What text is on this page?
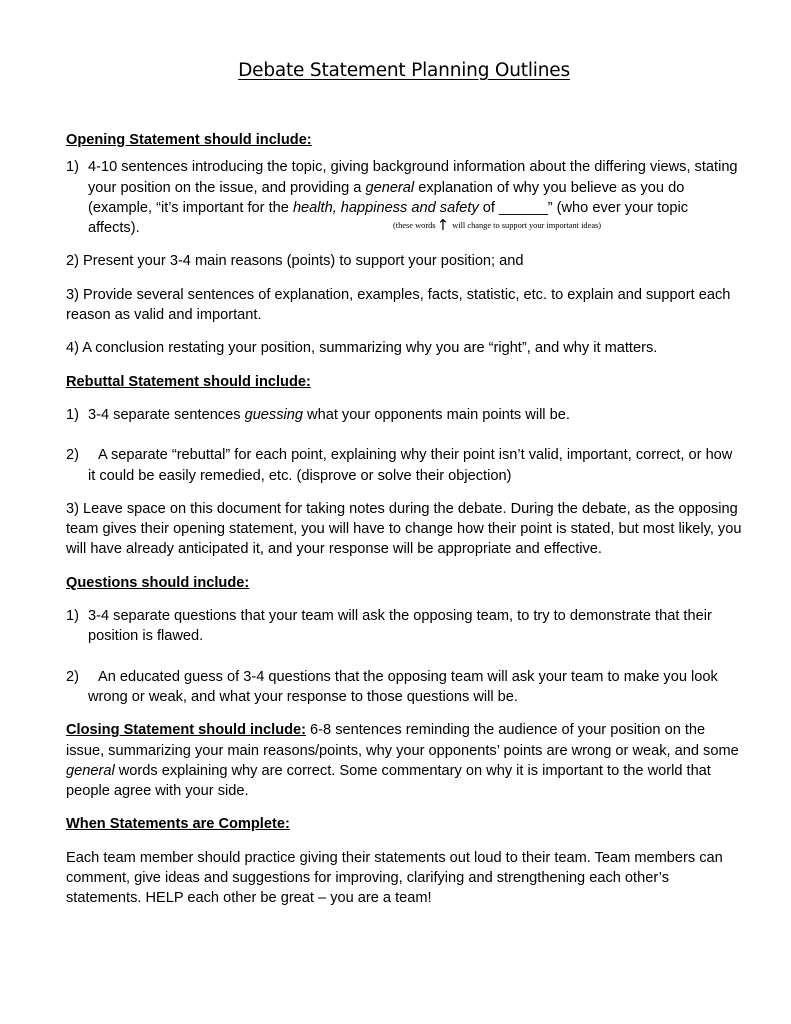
Debate Statement Planning Outlines
Opening Statement should include:
1) 4-10 sentences introducing the topic, giving background information about the differing views, stating your position on the issue, and providing a general explanation of why you believe as you do (example, “it’s important for the health, happiness and safety of ______” (who ever your topic affects).	(these words↑ will change to support your important ideas)

2) Present your 3-4 main reasons (points) to support your position; and

3) Provide several sentences of explanation, examples, facts, statistic, etc. to explain and support each reason as valid and important.

4) A conclusion restating your position, summarizing why you are “right”, and why it matters.

Rebuttal Statement should include:
1) 3-4 separate sentences guessing what your opponents main points will be.
2)	A separate “rebuttal” for each point, explaining why their point isn’t valid, important, correct, or how it could be easily remedied, etc. (disprove or solve their objection)

3) Leave space on this document for taking notes during the debate. During the debate, as the opposing team gives their opening statement, you will have to change how their point is stated, but most likely, you will have already anticipated it, and your response will be appropriate and effective.

Questions should include:
1) 3-4 separate questions that your team will ask the opposing team, to try to demonstrate that their position is flawed.
2)	An educated guess of 3-4 questions that the opposing team will ask your team to make you look wrong or weak, and what your response to those questions will be.

Closing Statement should include: 6-8 sentences reminding the audience of your position on the issue, summarizing your main reasons/points, why your opponents’ points are wrong or weak, and some general words explaining why are correct. Some commentary on why it is important to the world that people agree with your side.

When Statements are Complete:

Each team member should practice giving their statements out loud to their team. Team members can comment, give ideas and suggestions for improving, clarifying and strengthening each other’s statements. HELP each other be great – you are a team!
